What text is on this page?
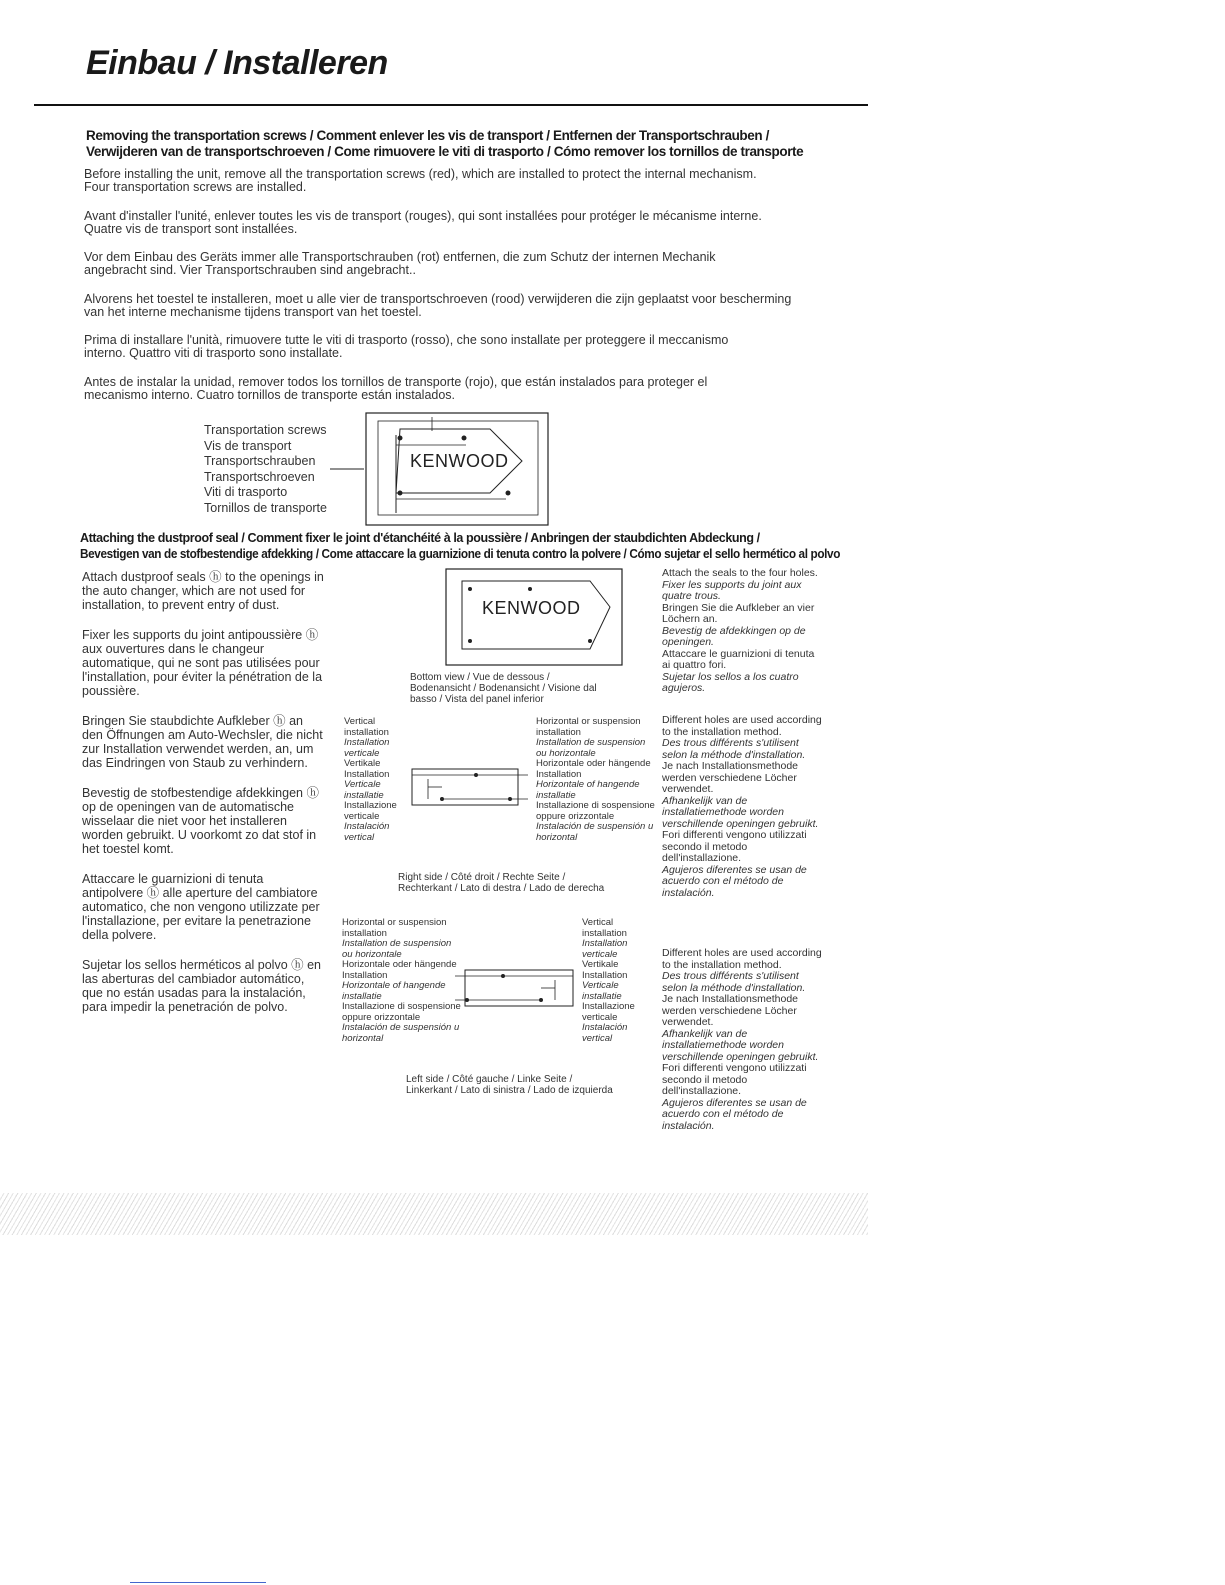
Einbau / Installeren
Removing the transportation screws / Comment enlever les vis de transport / Entfernen der Transportschrauben /
Verwijderen van de transportschroeven / Come rimuovere le viti di trasporto / Cómo remover los tornillos de transporte
Before installing the unit, remove all the transportation screws (red), which are installed to protect the internal mechanism. Four transportation screws are installed.
Avant d'installer l'unité, enlever toutes les vis de transport (rouges), qui sont installées pour protéger le mécanisme interne. Quatre vis de transport sont installées.
Vor dem Einbau des Geräts immer alle Transportschrauben (rot) entfernen, die zum Schutz der internen Mechanik angebracht sind. Vier Transportschrauben sind angebracht..
Alvorens het toestel te installeren, moet u alle vier de transportschroeven (rood) verwijderen die zijn geplaatst voor bescherming van het interne mechanisme tijdens transport van het toestel.
Prima di installare l'unità, rimuovere tutte le viti di trasporto (rosso), che sono installate per proteggere il meccanismo interno. Quattro viti di trasporto sono installate.
Antes de instalar la unidad, remover todos los tornillos de transporte (rojo), que están instalados para proteger el mecanismo interno. Cuatro tornillos de transporte están instalados.
Transportation screws
Vis de transport
Transportschrauben
Transportschroeven
Viti di trasporto
Tornillos de transporte
KENWOOD
Attaching the dustproof seal / Comment fixer le joint d'étanchéité à la poussière / Anbringen der staubdichten Abdeckung /
Bevestigen van de stofbestendige afdekking / Come attaccare la guarnizione di tenuta contro la polvere / Cómo sujetar el sello hermético al polvo

Attach dustproof seals ⓗ to the openings in the auto changer, which are not used for installation, to prevent entry of dust.

Fixer les supports du joint antipoussière ⓗ aux ouvertures dans le changeur automatique, qui ne sont pas utilisées pour l'installation, pour éviter la pénétration de la poussière.

Bringen Sie staubdichte Aufkleber ⓗ an den Öffnungen am Auto-Wechsler, die nicht zur Installation verwendet werden, an, um das Eindringen von Staub zu verhindern.

Bevestig de stofbestendige afdekkingen ⓗ op de openingen van de automatische wisselaar die niet voor het installeren worden gebruikt. U voorkomt zo dat stof in het toestel komt.

Attaccare le guarnizioni di tenuta antipolvere ⓗ alle aperture del cambiatore automatico, che non vengono utilizzate per l'installazione, per evitare la penetrazione della polvere.

Sujetar los sellos herméticos al polvo ⓗ en las aberturas del cambiador automático, que no están usadas para la instalación, para impedir la penetración de polvo.

KENWOOD
Bottom view / Vue de dessous /
Bodenansicht / Bodenansicht / Visione dal
basso / Vista del panel inferior
Vertical
installation
Installation
verticale
Vertikale
Installation
Verticale
installatie
Installazione
verticale
Instalación
vertical
Horizontal or suspension
installation
Installation de suspension
ou horizontale
Horizontale oder hängende
Installation
Horizontale of hangende
installatie
Installazione di sospensione
oppure orizzontale
Instalación de suspensión u
horizontal
Right side / Côté droit / Rechte Seite /
Rechterkant / Lato di destra / Lado de derecha
Horizontal or suspension
installation
Installation de suspension
ou horizontale
Horizontale oder hängende
Installation
Horizontale of hangende
installatie
Installazione di sospensione
oppure orizzontale
Instalación de suspensión u
horizontal
Vertical
installation
Installation
verticale
Vertikale
Installation
Verticale
installatie
Installazione
verticale
Instalación
vertical
Left side / Côté gauche / Linke Seite /
Linkerkant / Lato di sinistra / Lado de izquierda

Attach the seals to the four holes.

Fixer les supports du joint aux quatre trous.

Bringen Sie die Aufkleber an vier Löchern an.

Bevestig de afdekkingen op de openingen.

Attaccare le guarnizioni di tenuta ai quattro fori.

Sujetar los sellos a los cuatro agujeros.

Different holes are used according to the installation method.

Des trous différents s'utilisent selon la méthode d'installation.

Je nach Installationsmethode werden verschiedene Löcher verwendet.

Afhankelijk van de installatiemethode worden verschillende openingen gebruikt.

Fori differenti vengono utilizzati secondo il metodo dell'installazione.

Agujeros diferentes se usan de acuerdo con el método de instalación.

Different holes are used according to the installation method.

Des trous différents s'utilisent selon la méthode d'installation.

Je nach Installationsmethode werden verschiedene Löcher verwendet.

Afhankelijk van de installatiemethode worden verschillende openingen gebruikt.

Fori differenti vengono utilizzati secondo il metodo dell'installazione.

Agujeros diferentes se usan de acuerdo con el método de instalación.
